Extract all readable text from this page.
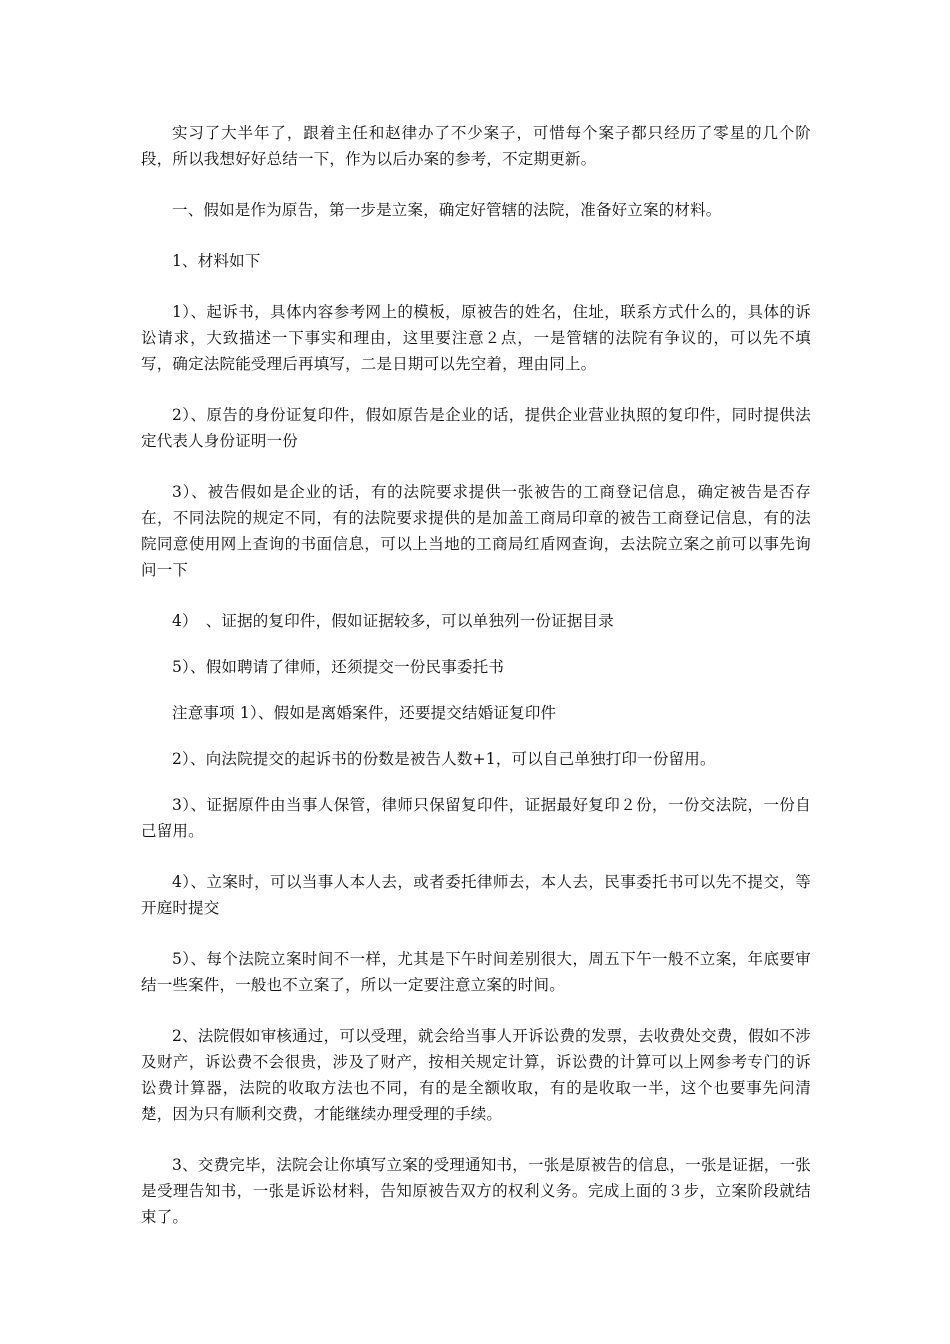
实习了大半年了，跟着主任和赵律办了不少案子，可惜每个案子都只经历了零星的几个阶段，所以我想好好总结一下，作为以后办案的参考，不定期更新。

一、假如是作为原告，第一步是立案，确定好管辖的法院，准备好立案的材料。

1、材料如下

1）、起诉书，具体内容参考网上的模板，原被告的姓名，住址，联系方式什么的，具体的诉讼请求，大致描述一下事实和理由，这里要注意２点，一是管辖的法院有争议的，可以先不填写，确定法院能受理后再填写，二是日期可以先空着，理由同上。

2）、原告的身份证复印件，假如原告是企业的话，提供企业营业执照的复印件，同时提供法定代表人身份证明一份

3）、被告假如是企业的话，有的法院要求提供一张被告的工商登记信息，确定被告是否存在，不同法院的规定不同，有的法院要求提供的是加盖工商局印章的被告工商登记信息，有的法院同意使用网上查询的书面信息，可以上当地的工商局红盾网查询，去法院立案之前可以事先询问一下

4）　、证据的复印件，假如证据较多，可以单独列一份证据目录

5）、假如聘请了律师，还须提交一份民事委托书

注意事项 1）、假如是离婚案件，还要提交结婚证复印件

2）、向法院提交的起诉书的份数是被告人数+1，可以自己单独打印一份留用。

3）、证据原件由当事人保管，律师只保留复印件，证据最好复印２份，一份交法院，一份自己留用。

4）、立案时，可以当事人本人去，或者委托律师去，本人去，民事委托书可以先不提交，等开庭时提交

5）、每个法院立案时间不一样，尤其是下午时间差别很大，周五下午一般不立案，年底要审结一些案件，一般也不立案了，所以一定要注意立案的时间。

2、法院假如审核通过，可以受理，就会给当事人开诉讼费的发票，去收费处交费，假如不涉及财产，诉讼费不会很贵，涉及了财产，按相关规定计算，诉讼费的计算可以上网参考专门的诉讼费计算器，法院的收取方法也不同，有的是全额收取，有的是收取一半，这个也要事先问清楚，因为只有顺利交费，才能继续办理受理的手续。

3、交费完毕，法院会让你填写立案的受理通知书，一张是原被告的信息，一张是证据，一张是受理告知书，一张是诉讼材料，告知原被告双方的权利义务。完成上面的３步，立案阶段就结束了。
